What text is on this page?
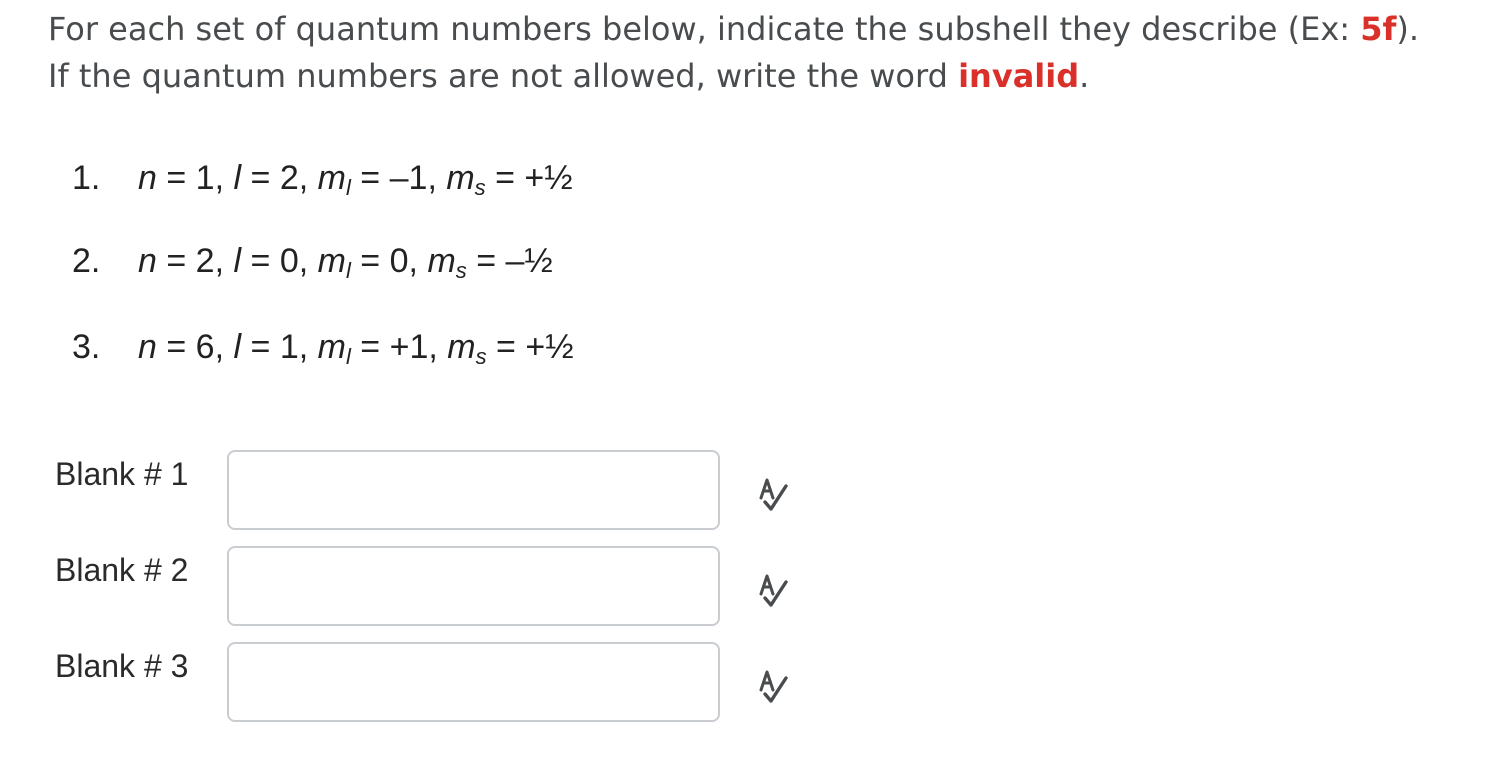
For each set of quantum numbers below, indicate the subshell they describe (Ex: 5f).
If the quantum numbers are not allowed, write the word invalid.
1. n = 1, l = 2, $m_l = -1$, $m_s$ = +½
2. n = 2, l = 0, $m_l = 0$, $m_s$ = –½
3. n = 6, l = 1, $m_l = +1$, $m_s$ = +½
Blank # 1
Blank # 2
Blank # 3
